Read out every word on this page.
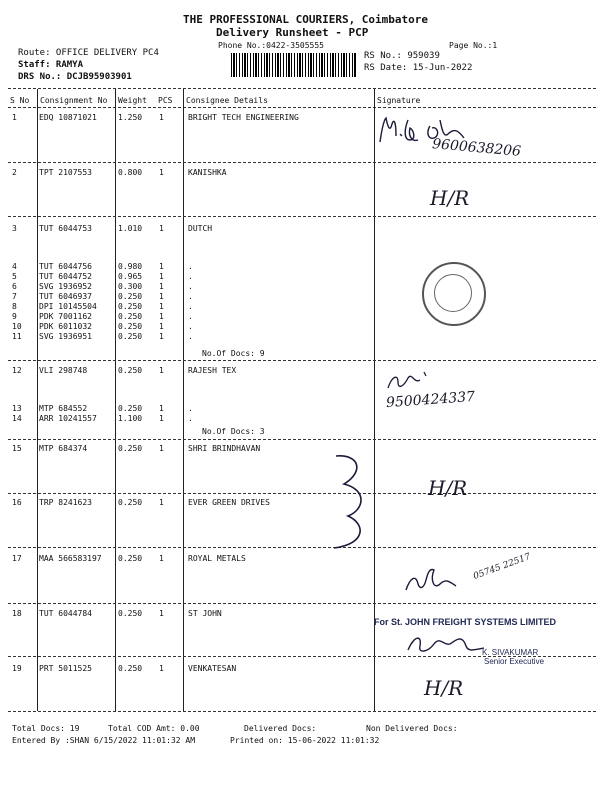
THE PROFESSIONAL COURIERS, Coimbatore
Delivery Runsheet - PCP
Phone No.:0422-3505555	Page No.:1
Route: OFFICE DELIVERY PC4
Staff: RAMYA
DRS No.: DCJB95903901
RS No.: 959039
RS Date: 15-Jun-2022
S No Consignment No Weight PCS Consignee Details	Signature
1	EDQ 10871021	1.250 1	BRIGHT TECH ENGINEERING
2	TPT 2107553	0.800 1	KANISHKA
3	TUT 6044753	1.010 1	DUTCH
4	TUT 6044756	0.980 1	.
5	TUT 6044752	0.965 1	.
6	SVG 1936952	0.300 1	.
7	TUT 6046937	0.250 1	.
8	DPI 10145504	0.250 1	.
9	PDK 7001162	0.250 1	.
10 PDK 6011032	0.250 1	.
11 SVG 1936951	0.250 1	.
12 VLI 298748	0.250 1	RAJESH TEX
13 MTP 684552	0.250 1	.
14 ARR 10241557	1.100 1	.
15 MTP 684374	0.250 1	SHRI BRINDHAVAN
16 TRP 8241623	0.250 1	EVER GREEN DRIVES
17 MAA 566583197 0.250 1	ROYAL METALS
18 TUT 6044784	0.250 1	ST JOHN
19 PRT 5011525	0.250 1	VENKATESAN
No.Of Docs: 9
No.Of Docs: 3
9600638206
H/R
9500424337
H/R
05745 22517
For St. JOHN FREIGHT SYSTEMS LIMITED
K. SIVAKUMAR
Senior Executive
H/R
Total Docs: 19	Total COD Amt: 0.00	Delivered Docs:	Non Delivered Docs:
Entered By :SHAN 6/15/2022 11:01:32 AM	Printed on: 15-06-2022 11:01:32
